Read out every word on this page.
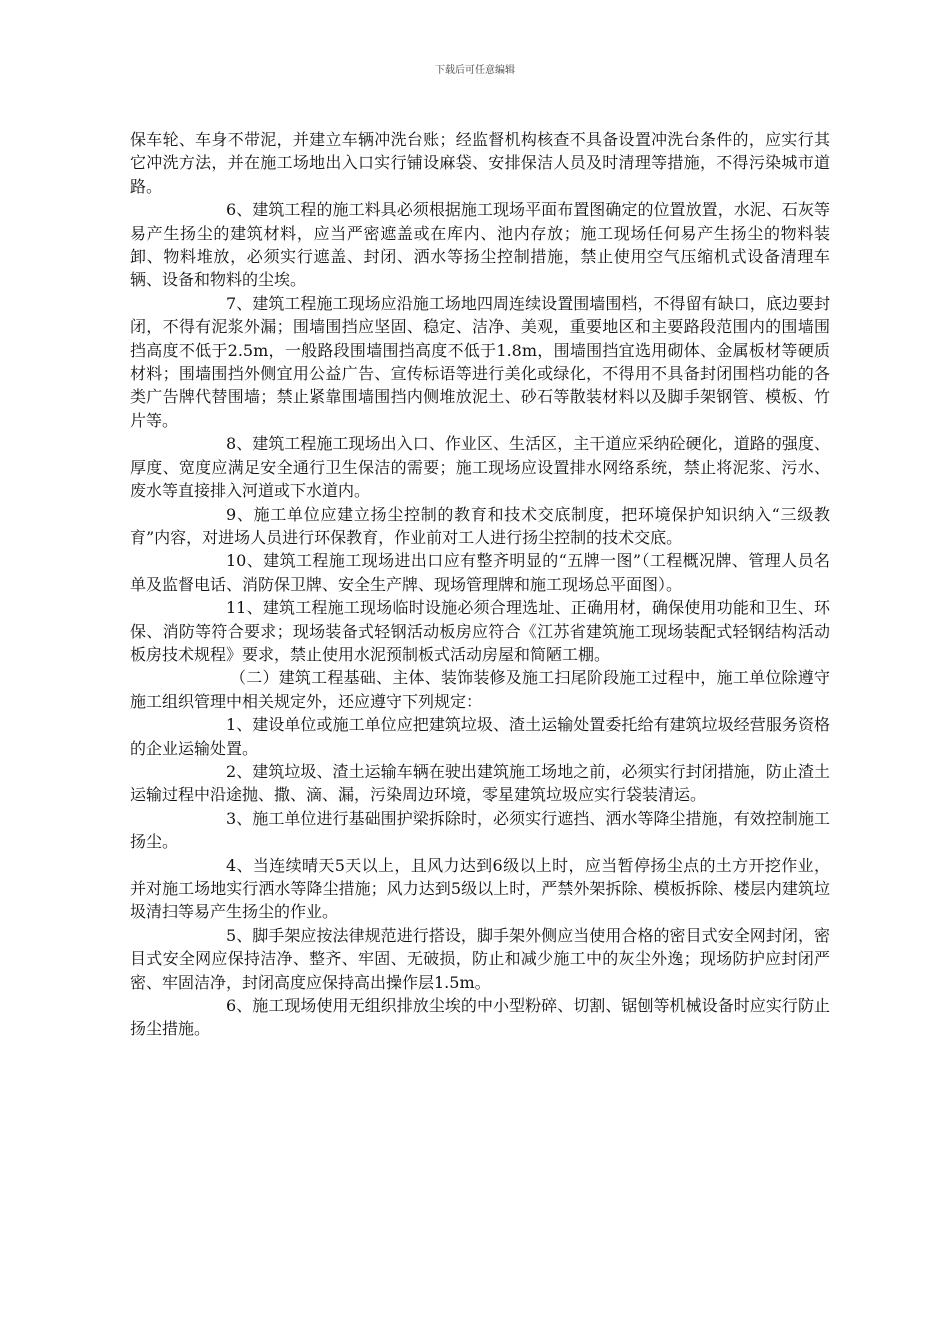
下载后可任意编辑

保车轮、车身不带泥，并建立车辆冲洗台账；经监督机构核查不具备设置冲洗台条件的，应实行其它冲洗方法，并在施工场地出入口实行铺设麻袋、安排保洁人员及时清理等措施，不得污染城市道路。

6、建筑工程的施工料具必须根据施工现场平面布置图确定的位置放置，水泥、石灰等易产生扬尘的建筑材料，应当严密遮盖或在库内、池内存放；施工现场任何易产生扬尘的物料装卸、物料堆放，必须实行遮盖、封闭、洒水等扬尘控制措施，禁止使用空气压缩机式设备清理车辆、设备和物料的尘埃。

7、建筑工程施工现场应沿施工场地四周连续设置围墙围档，不得留有缺口，底边要封闭，不得有泥浆外漏；围墙围挡应坚固、稳定、洁净、美观，重要地区和主要路段范围内的围墙围挡高度不低于2.5m，一般路段围墙围挡高度不低于1.8m，围墙围挡宜选用砌体、金属板材等硬质材料；围墙围挡外侧宜用公益广告、宣传标语等进行美化或绿化，不得用不具备封闭围档功能的各类广告牌代替围墙；禁止紧靠围墙围挡内侧堆放泥土、砂石等散装材料以及脚手架钢管、模板、竹片等。

8、建筑工程施工现场出入口、作业区、生活区，主干道应采纳砼硬化，道路的强度、厚度、宽度应满足安全通行卫生保洁的需要；施工现场应设置排水网络系统，禁止将泥浆、污水、废水等直接排入河道或下水道内。

9、施工单位应建立扬尘控制的教育和技术交底制度，把环境保护知识纳入“三级教育”内容，对进场人员进行环保教育，作业前对工人进行扬尘控制的技术交底。

10、建筑工程施工现场进出口应有整齐明显的“五牌一图”（工程概况牌、管理人员名单及监督电话、消防保卫牌、安全生产牌、现场管理牌和施工现场总平面图）。

11、建筑工程施工现场临时设施必须合理选址、正确用材，确保使用功能和卫生、环保、消防等符合要求；现场装备式轻钢活动板房应符合《江苏省建筑施工现场装配式轻钢结构活动板房技术规程》要求，禁止使用水泥预制板式活动房屋和简陋工棚。

（二）建筑工程基础、主体、装饰装修及施工扫尾阶段施工过程中，施工单位除遵守施工组织管理中相关规定外，还应遵守下列规定：

1、建设单位或施工单位应把建筑垃圾、渣土运输处置委托给有建筑垃圾经营服务资格的企业运输处置。

2、建筑垃圾、渣土运输车辆在驶出建筑施工场地之前，必须实行封闭措施，防止渣土运输过程中沿途抛、撒、滴、漏，污染周边环境，零星建筑垃圾应实行袋装清运。

3、施工单位进行基础围护梁拆除时，必须实行遮挡、洒水等降尘措施，有效控制施工扬尘。

4、当连续晴天5天以上，且风力达到6级以上时，应当暂停扬尘点的土方开挖作业，并对施工场地实行洒水等降尘措施；风力达到5级以上时，严禁外架拆除、模板拆除、楼层内建筑垃圾清扫等易产生扬尘的作业。

5、脚手架应按法律规范进行搭设，脚手架外侧应当使用合格的密目式安全网封闭，密目式安全网应保持洁净、整齐、牢固、无破损，防止和减少施工中的灰尘外逸；现场防护应封闭严密、牢固洁净，封闭高度应保持高出操作层1.5m。

6、施工现场使用无组织排放尘埃的中小型粉碎、切割、锯刨等机械设备时应实行防止扬尘措施。
